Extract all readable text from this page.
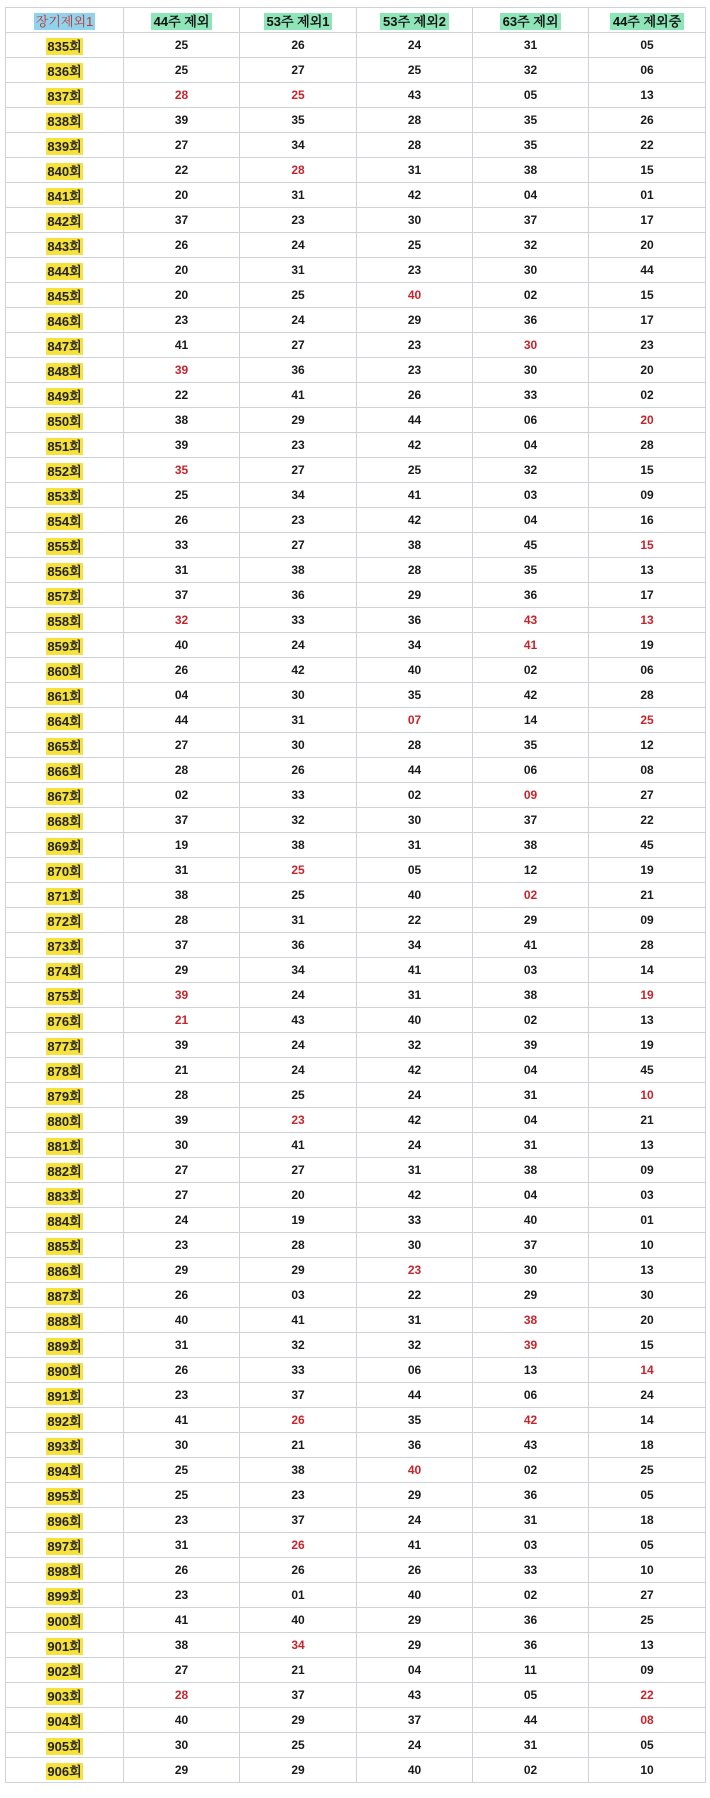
장기제외1	44주 제외	53주 제외1	53주 제외2	63주 제외	44주 제외중
835회	25	26	24	31	05
836회	25	27	25	32	06
837회	28	25	43	05	13
838회	39	35	28	35	26
839회	27	34	28	35	22
840회	22	28	31	38	15
841회	20	31	42	04	01
842회	37	23	30	37	17
843회	26	24	25	32	20
844회	20	31	23	30	44
845회	20	25	40	02	15
846회	23	24	29	36	17
847회	41	27	23	30	23
848회	39	36	23	30	20
849회	22	41	26	33	02
850회	38	29	44	06	20
851회	39	23	42	04	28
852회	35	27	25	32	15
853회	25	34	41	03	09
854회	26	23	42	04	16
855회	33	27	38	45	15
856회	31	38	28	35	13
857회	37	36	29	36	17
858회	32	33	36	43	13
859회	40	24	34	41	19
860회	26	42	40	02	06
861회	04	30	35	42	28
864회	44	31	07	14	25
865회	27	30	28	35	12
866회	28	26	44	06	08
867회	02	33	02	09	27
868회	37	32	30	37	22
869회	19	38	31	38	45
870회	31	25	05	12	19
871회	38	25	40	02	21
872회	28	31	22	29	09
873회	37	36	34	41	28
874회	29	34	41	03	14
875회	39	24	31	38	19
876회	21	43	40	02	13
877회	39	24	32	39	19
878회	21	24	42	04	45
879회	28	25	24	31	10
880회	39	23	42	04	21
881회	30	41	24	31	13
882회	27	27	31	38	09
883회	27	20	42	04	03
884회	24	19	33	40	01
885회	23	28	30	37	10
886회	29	29	23	30	13
887회	26	03	22	29	30
888회	40	41	31	38	20
889회	31	32	32	39	15
890회	26	33	06	13	14
891회	23	37	44	06	24
892회	41	26	35	42	14
893회	30	21	36	43	18
894회	25	38	40	02	25
895회	25	23	29	36	05
896회	23	37	24	31	18
897회	31	26	41	03	05
898회	26	26	26	33	10
899회	23	01	40	02	27
900회	41	40	29	36	25
901회	38	34	29	36	13
902회	27	21	04	11	09
903회	28	37	43	05	22
904회	40	29	37	44	08
905회	30	25	24	31	05
906회	29	29	40	02	10
